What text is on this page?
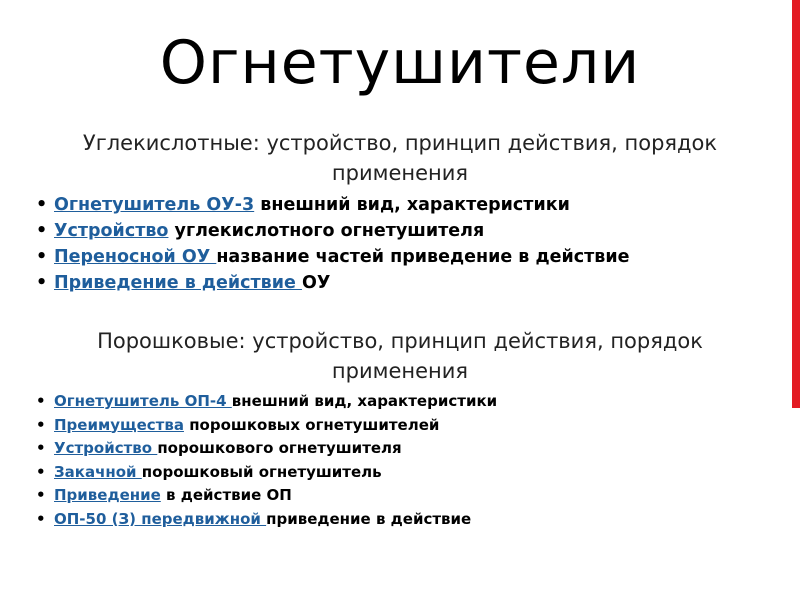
Огнетушители
Углекислотные: устройство, принцип действия, порядок применения
• Огнетушитель ОУ-3 внешний вид, характеристики
• Устройство углекислотного огнетушителя
• Переносной ОУ название частей приведение в действие
• Приведение в действие ОУ
Порошковые: устройство, принцип действия, порядок применения
• Огнетушитель ОП-4 внешний вид, характеристики
• Преимущества порошковых огнетушителей
• Устройство порошкового огнетушителя
• Закачной порошковый огнетушитель
• Приведение в действие ОП
• ОП-50 (З) передвижной приведение в действие
